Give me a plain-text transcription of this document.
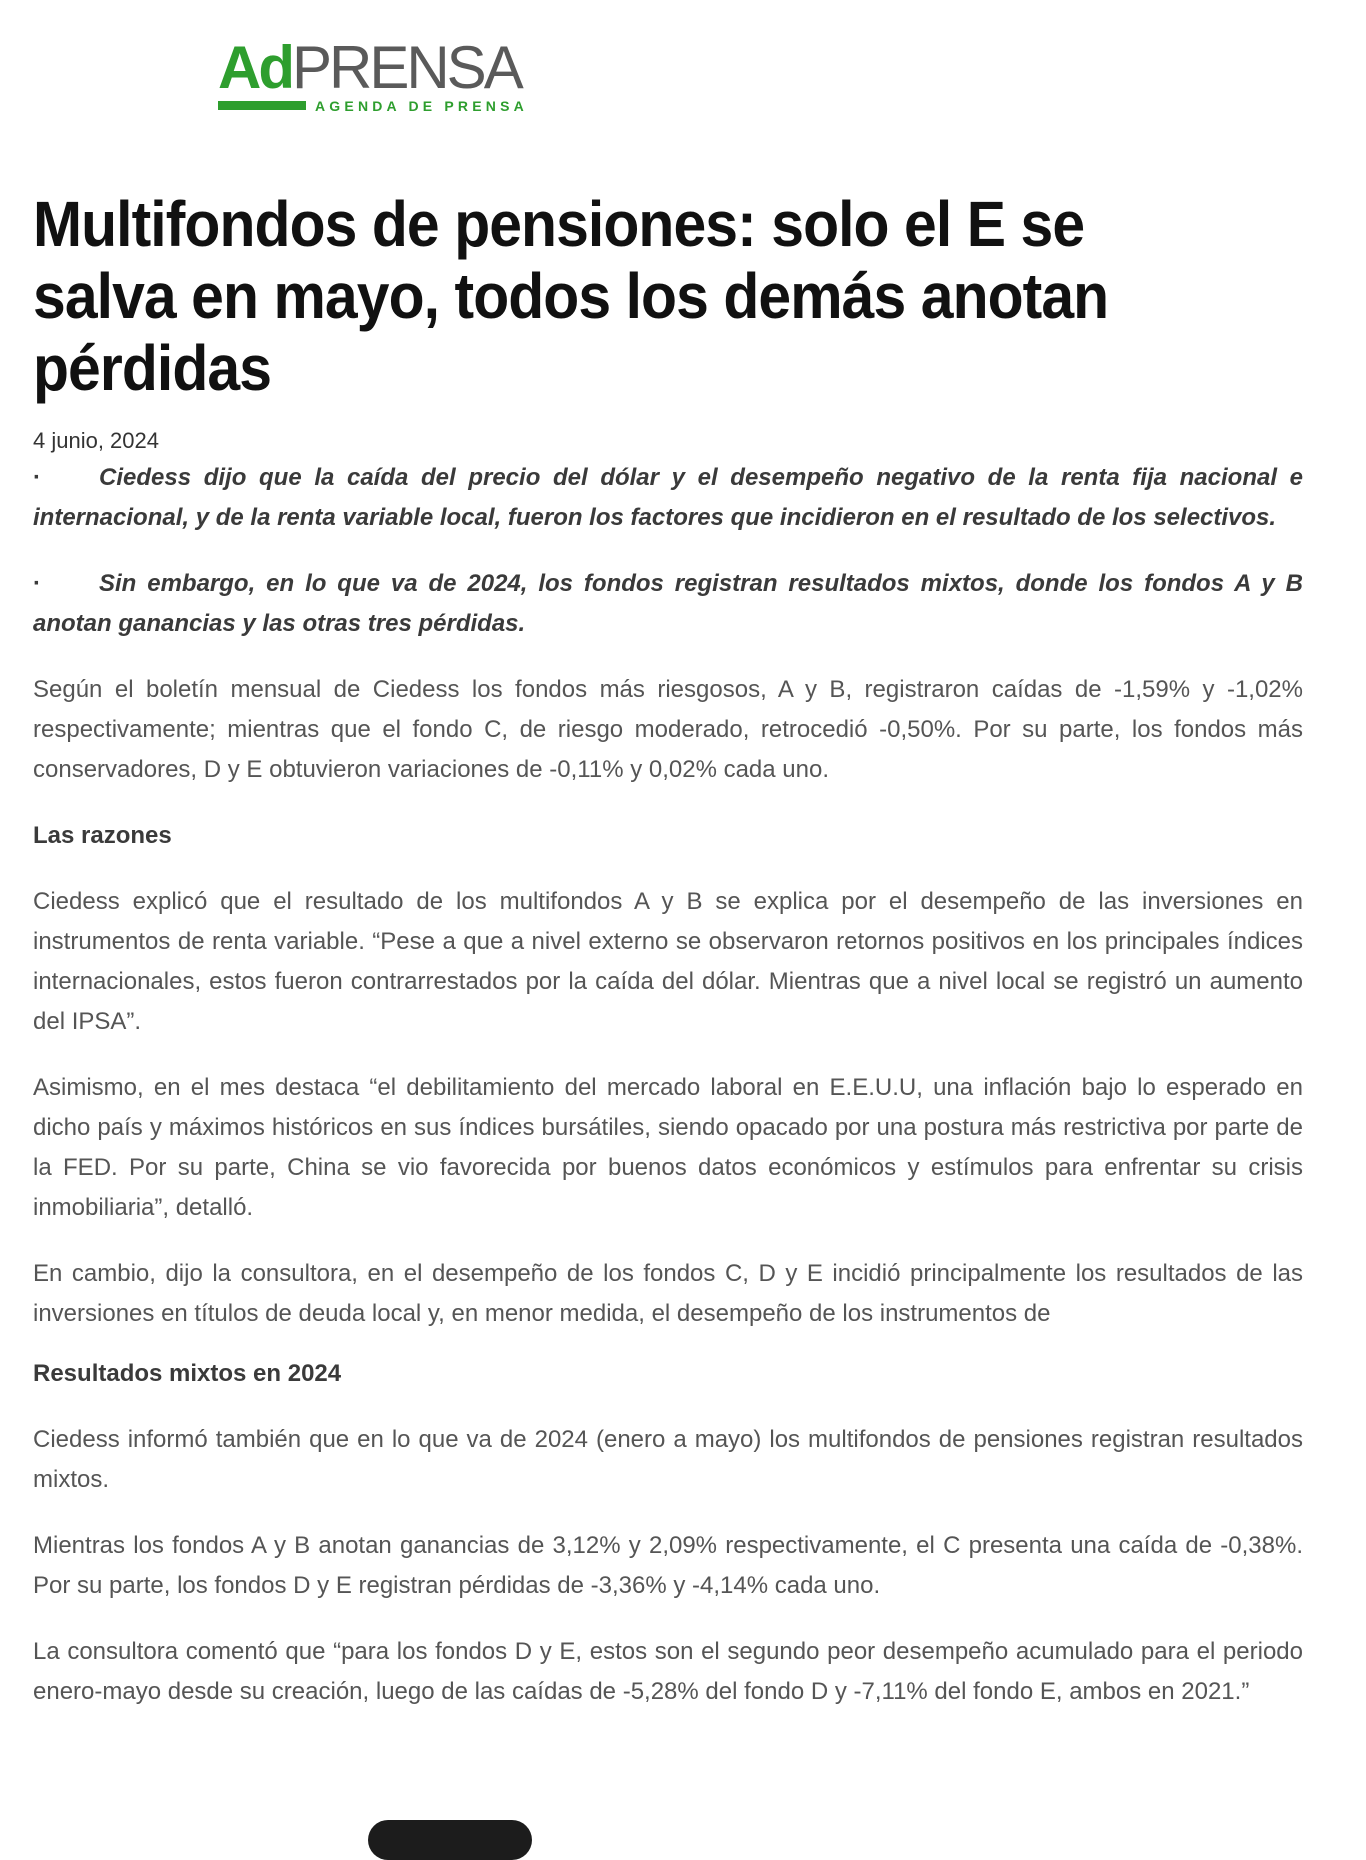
AdPRENSA
AGENDA DE PRENSA
Multifondos de pensiones: solo el E se salva en mayo, todos los demás anotan pérdidas
4 junio, 2024

· Ciedess dijo que la caída del precio del dólar y el desempeño negativo de la renta fija nacional e internacional, y de la renta variable local, fueron los factores que incidieron en el resultado de los selectivos.

· Sin embargo, en lo que va de 2024, los fondos registran resultados mixtos, donde los fondos A y B anotan ganancias y las otras tres pérdidas.

Según el boletín mensual de Ciedess los fondos más riesgosos, A y B, registraron caídas de -1,59% y -1,02% respectivamente; mientras que el fondo C, de riesgo moderado, retrocedió -0,50%. Por su parte, los fondos más conservadores, D y E obtuvieron variaciones de -0,11% y 0,02% cada uno.

Las razones

Ciedess explicó que el resultado de los multifondos A y B se explica por el desempeño de las inversiones en instrumentos de renta variable. “Pese a que a nivel externo se observaron retornos positivos en los principales índices internacionales, estos fueron contrarrestados por la caída del dólar. Mientras que a nivel local se registró un aumento del IPSA”.

Asimismo, en el mes destaca “el debilitamiento del mercado laboral en E.E.U.U, una inflación bajo lo esperado en dicho país y máximos históricos en sus índices bursátiles, siendo opacado por una postura más restrictiva por parte de la FED. Por su parte, China se vio favorecida por buenos datos económicos y estímulos para enfrentar su crisis inmobiliaria”, detalló.

En cambio, dijo la consultora, en el desempeño de los fondos C, D y E incidió principalmente los resultados de las inversiones en títulos de deuda local y, en menor medida, el desempeño de los instrumentos de

Resultados mixtos en 2024

Ciedess informó también que en lo que va de 2024 (enero a mayo) los multifondos de pensiones registran resultados mixtos.

Mientras los fondos A y B anotan ganancias de 3,12% y 2,09% respectivamente, el C presenta una caída de -0,38%. Por su parte, los fondos D y E registran pérdidas de -3,36% y -4,14% cada uno.

La consultora comentó que “para los fondos D y E, estos son el segundo peor desempeño acumulado para el periodo enero-mayo desde su creación, luego de las caídas de -5,28% del fondo D y -7,11% del fondo E, ambos en 2021.”
